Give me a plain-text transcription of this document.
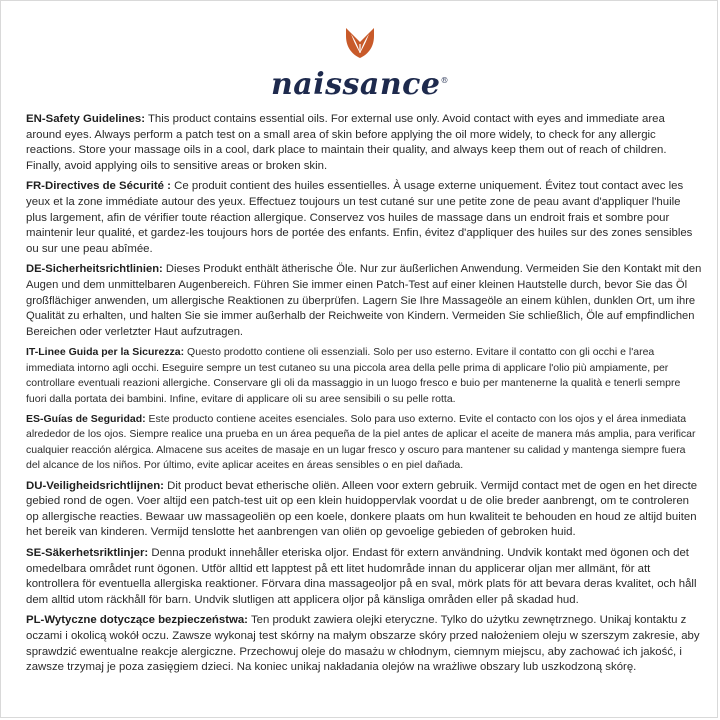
naissance®

EN-Safety Guidelines: This product contains essential oils. For external use only. Avoid contact with eyes and immediate area around eyes. Always perform a patch test on a small area of skin before applying the oil more widely, to check for any allergic reactions. Store your massage oils in a cool, dark place to maintain their quality, and always keep them out of reach of children. Finally, avoid applying oils to sensitive areas or broken skin.

FR-Directives de Sécurité : Ce produit contient des huiles essentielles. À usage externe uniquement. Évitez tout contact avec les yeux et la zone immédiate autour des yeux. Effectuez toujours un test cutané sur une petite zone de peau avant d'appliquer l'huile plus largement, afin de vérifier toute réaction allergique. Conservez vos huiles de massage dans un endroit frais et sombre pour maintenir leur qualité, et gardez-les toujours hors de portée des enfants. Enfin, évitez d'appliquer des huiles sur des zones sensibles ou sur une peau abîmée.

DE-Sicherheitsrichtlinien: Dieses Produkt enthält ätherische Öle. Nur zur äußerlichen Anwendung. Vermeiden Sie den Kontakt mit den Augen und dem unmittelbaren Augenbereich. Führen Sie immer einen Patch-Test auf einer kleinen Hautstelle durch, bevor Sie das Öl großflächiger anwenden, um allergische Reaktionen zu überprüfen. Lagern Sie Ihre Massageöle an einem kühlen, dunklen Ort, um ihre Qualität zu erhalten, und halten Sie sie immer außerhalb der Reichweite von Kindern. Vermeiden Sie schließlich, Öle auf empfindlichen Bereichen oder verletzter Haut aufzutragen.

IT-Linee Guida per la Sicurezza: Questo prodotto contiene oli essenziali. Solo per uso esterno. Evitare il contatto con gli occhi e l'area immediata intorno agli occhi. Eseguire sempre un test cutaneo su una piccola area della pelle prima di applicare l'olio più ampiamente, per controllare eventuali reazioni allergiche. Conservare gli oli da massaggio in un luogo fresco e buio per mantenerne la qualità e tenerli sempre fuori dalla portata dei bambini. Infine, evitare di applicare oli su aree sensibili o su pelle rotta.

ES-Guías de Seguridad: Este producto contiene aceites esenciales. Solo para uso externo. Evite el contacto con los ojos y el área inmediata alrededor de los ojos. Siempre realice una prueba en un área pequeña de la piel antes de aplicar el aceite de manera más amplia, para verificar cualquier reacción alérgica. Almacene sus aceites de masaje en un lugar fresco y oscuro para mantener su calidad y mantenga siempre fuera del alcance de los niños. Por último, evite aplicar aceites en áreas sensibles o en piel dañada.

DU-Veiligheidsrichtlijnen: Dit product bevat etherische oliën. Alleen voor extern gebruik. Vermijd contact met de ogen en het directe gebied rond de ogen. Voer altijd een patch-test uit op een klein huidoppervlak voordat u de olie breder aanbrengt, om te controleren op allergische reacties. Bewaar uw massageoliën op een koele, donkere plaats om hun kwaliteit te behouden en houd ze altijd buiten het bereik van kinderen. Vermijd tenslotte het aanbrengen van oliën op gevoelige gebieden of gebroken huid.

SE-Säkerhetsriktlinjer: Denna produkt innehåller eteriska oljor. Endast för extern användning. Undvik kontakt med ögonen och det omedelbara området runt ögonen. Utför alltid ett lapptest på ett litet hudområde innan du applicerar oljan mer allmänt, för att kontrollera för eventuella allergiska reaktioner. Förvara dina massageoljor på en sval, mörk plats för att bevara deras kvalitet, och håll dem alltid utom räckhåll för barn. Undvik slutligen att applicera oljor på känsliga områden eller på skadad hud.

PL-Wytyczne dotyczące bezpieczeństwa: Ten produkt zawiera olejki eteryczne. Tylko do użytku zewnętrznego. Unikaj kontaktu z oczami i okolicą wokół oczu. Zawsze wykonaj test skórny na małym obszarze skóry przed nałożeniem oleju w szerszym zakresie, aby sprawdzić ewentualne reakcje alergiczne. Przechowuj oleje do masażu w chłodnym, ciemnym miejscu, aby zachować ich jakość, i zawsze trzymaj je poza zasięgiem dzieci. Na koniec unikaj nakładania olejów na wrażliwe obszary lub uszkodzoną skórę.
